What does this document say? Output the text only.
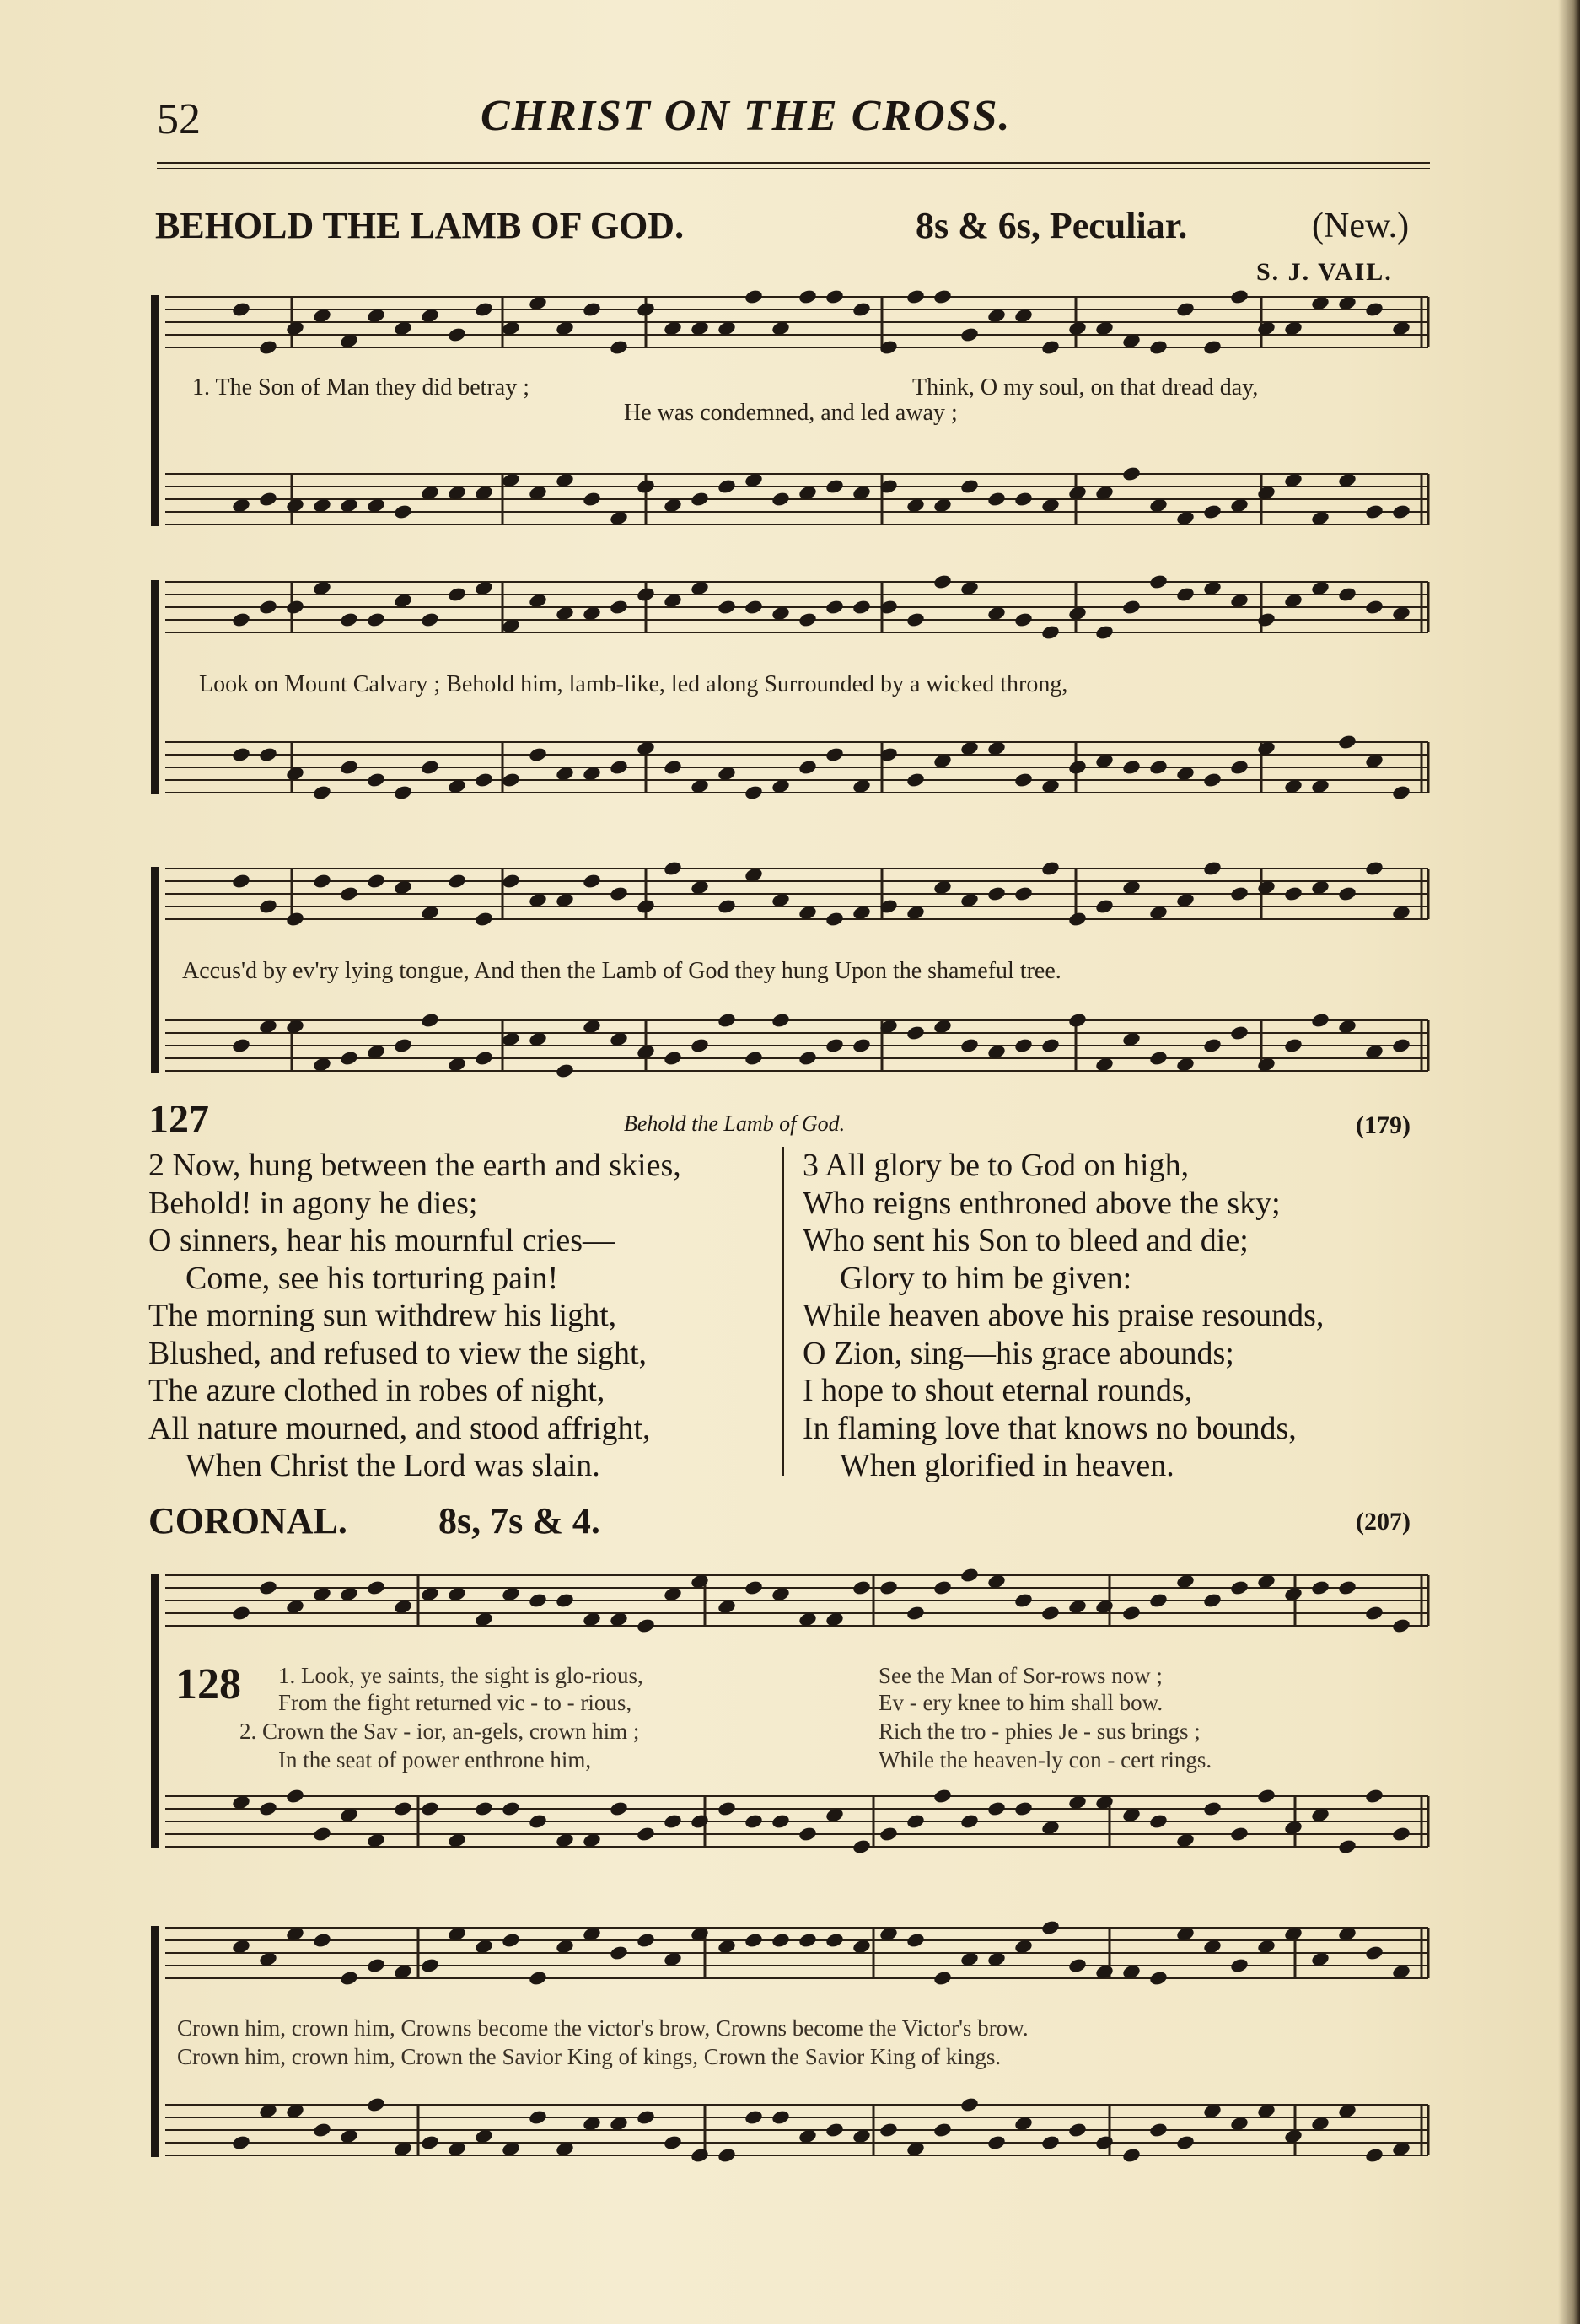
52	CHRIST ON THE CROSS.
BEHOLD THE LAMB OF GOD.	8s & 6s, Peculiar.	(New.)
S. J. VAIL.
1. The Son of Man they did betray ;	Think, O my soul, on that dread day,
He was condemned, and led away ;
Look on Mount Calvary ; Behold him, lamb-like, led along Surrounded by a wicked throng,
Accus'd by ev'ry lying tongue, And then the Lamb of God they hung Upon the shameful tree.
127	Behold the Lamb of God.	(179)
2 Now, hung between the earth and skies,
Behold! in agony he dies;
O sinners, hear his mournful cries—
Come, see his torturing pain!
The morning sun withdrew his light,
Blushed, and refused to view the sight,
The azure clothed in robes of night,
All nature mourned, and stood affright,
When Christ the Lord was slain.
3 All glory be to God on high,
Who reigns enthroned above the sky;
Who sent his Son to bleed and die;
Glory to him be given:
While heaven above his praise resounds,
O Zion, sing—his grace abounds;
I hope to shout eternal rounds,
In flaming love that knows no bounds,
When glorified in heaven.
CORONAL. 8s, 7s & 4.	(207)
128 1. Look, ye saints, the sight is glo-rious,	See the Man of Sor-rows now ;
From the fight returned vic - to - rious,	Ev - ery knee to him shall bow.
2. Crown the Sav - ior, an-gels, crown him ;	Rich the tro - phies Je - sus brings ;
In the seat of power enthrone him,	While the heaven-ly con - cert rings.
Crown him, crown him, Crowns become the victor's brow, Crowns become the Victor's brow.
Crown him, crown him, Crown the Savior King of kings, Crown the Savior King of kings.
